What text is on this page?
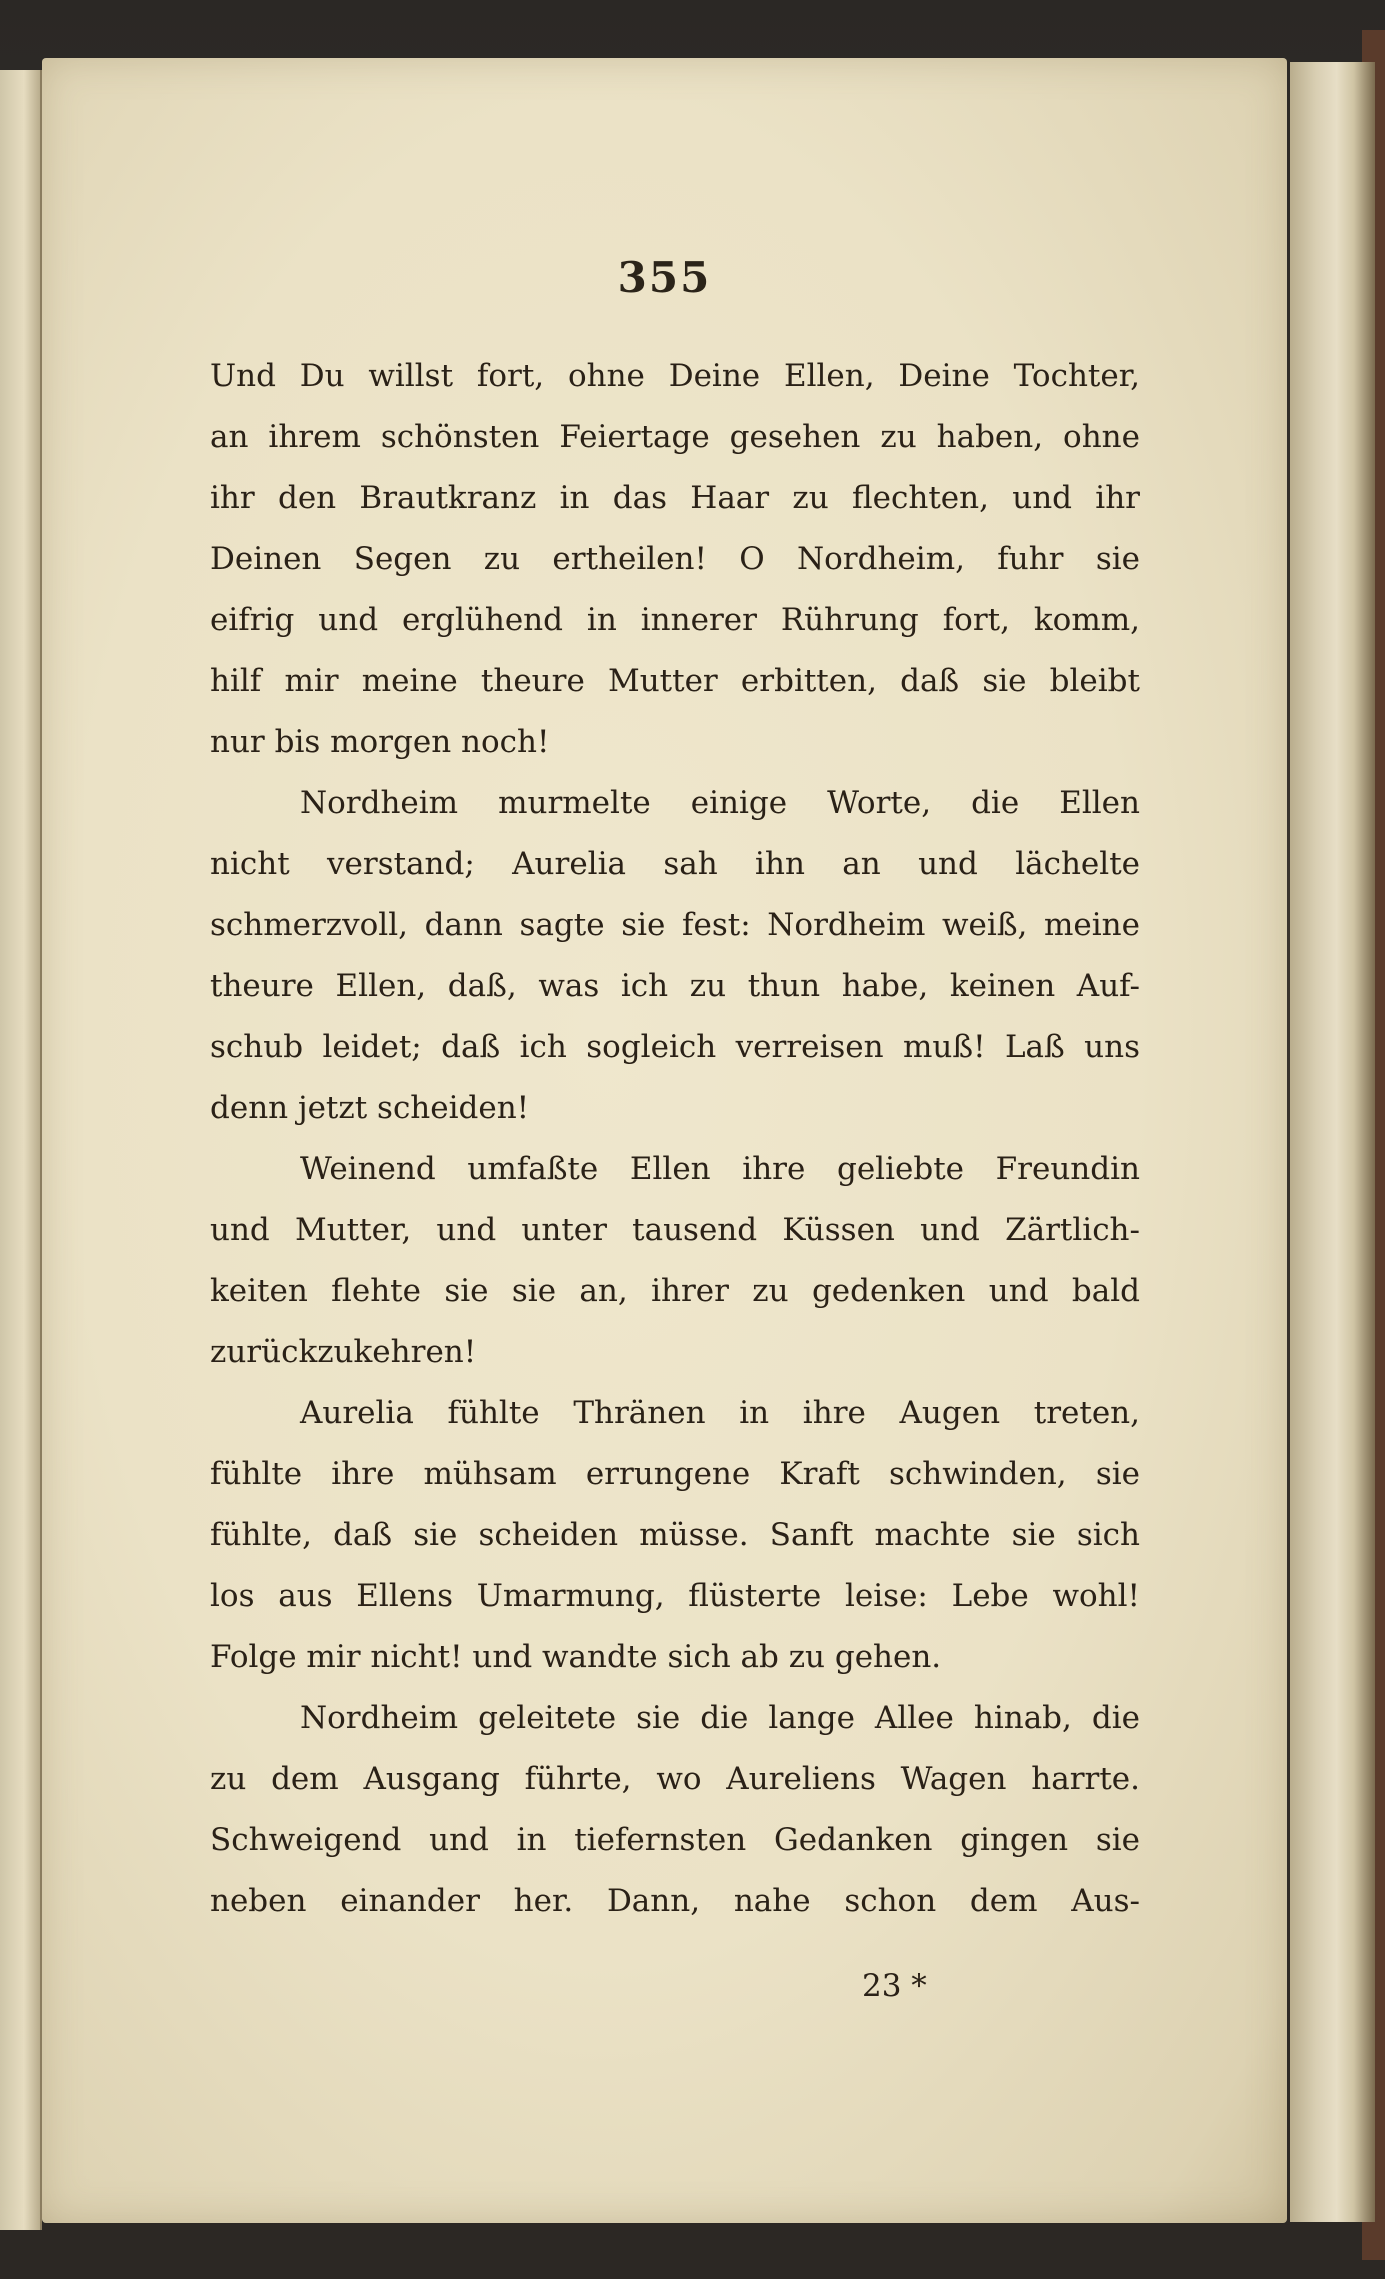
355
Und Du willst fort, ohne Deine Ellen, Deine Tochter,
an ihrem schönsten Feiertage gesehen zu haben, ohne
ihr den Brautkranz in das Haar zu flechten, und ihr
Deinen Segen zu ertheilen! O Nordheim, fuhr sie
eifrig und erglühend in innerer Rührung fort, komm,
hilf mir meine theure Mutter erbitten, daß sie bleibt
nur bis morgen noch!
Nordheim murmelte einige Worte, die Ellen
nicht verstand; Aurelia sah ihn an und lächelte
schmerzvoll, dann sagte sie fest: Nordheim weiß, meine
theure Ellen, daß, was ich zu thun habe, keinen Auf-
schub leidet; daß ich sogleich verreisen muß! Laß uns
denn jetzt scheiden!
Weinend umfaßte Ellen ihre geliebte Freundin
und Mutter, und unter tausend Küssen und Zärtlich-
keiten flehte sie sie an, ihrer zu gedenken und bald
zurückzukehren!
Aurelia fühlte Thränen in ihre Augen treten,
fühlte ihre mühsam errungene Kraft schwinden, sie
fühlte, daß sie scheiden müsse. Sanft machte sie sich
los aus Ellens Umarmung, flüsterte leise: Lebe wohl!
Folge mir nicht! und wandte sich ab zu gehen.
Nordheim geleitete sie die lange Allee hinab, die
zu dem Ausgang führte, wo Aureliens Wagen harrte.
Schweigend und in tiefernsten Gedanken gingen sie
neben einander her. Dann, nahe schon dem Aus-
23 *
